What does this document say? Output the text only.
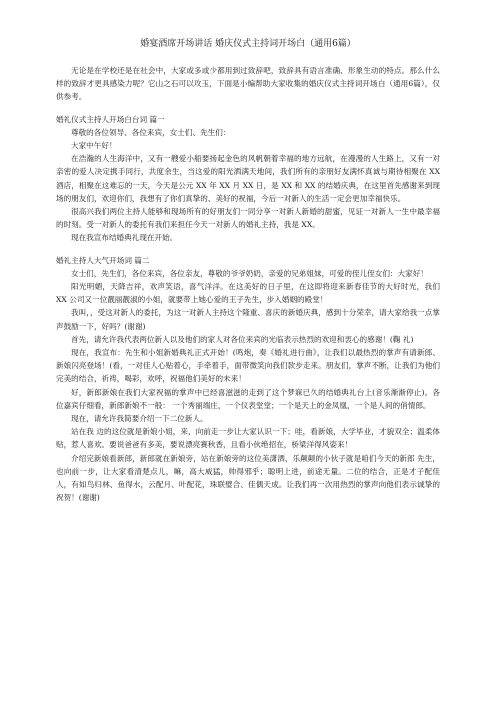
婚宴酒席开场讲话 婚庆仪式主持词开场白（通用6篇）

无论是在学校还是在社会中，大家或多或少都用到过致辞吧，致辞具有语言准确、形象生动的特点。那么什么样的致辞才更具感染力呢？它山之石可以攻玉，下面是小编帮助大家收集的婚庆仪式主持词开场白（通用6篇），仅供参考。

婚礼仪式主持人开场白台词 篇一

尊敬的各位领导、各位来宾，女士们、先生们：

大家中午好！

在浩瀚的人生海洋中，又有一艘爱小船要扬起金色的风帆朝着幸福的地方远航，在漫漫的人生路上，又有一对亲密的爱人决定携手同行，共度余生，当这爱的阳光洒满天地间，我们所有的亲朋好友满怀真诚与期待相聚在 XX 酒店，相聚在这难忘的一天，今天是公元 XX 年 XX 月 XX 日，是 XX 和 XX 的结婚庆典，在这里首先感谢来到现场的朋友们，欢迎你们，我想有了你们真挚的、美好的祝福，今后一对新人的生活一定会更加幸福快乐。

很高兴我们两位主持人能够和现场所有的好朋友们一同分享一对新人新婚的甜蜜，见证一对新人一生中最幸福的时刻。受一对新人的委托有我们来担任今天一对新人的婚礼主持，我是 XX。

现在我宣布结婚典礼现在开始。

婚礼主持人大气开场词 篇二

女士们，先生们，各位来宾，各位亲友，尊敬的爷爷奶奶，亲爱的兄弟姐妹，可爱的侄儿侄女们：大家好！

阳光明媚，天降吉祥，欢声笑语，喜气洋洋。在这美好的日子里，在这即将迎来新春佳节的大好时光，我们 XX 公司又一位靓丽靓淑的小姐，就要带上她心爱的王子先生，步入婚姻的殿堂！

我叫，，受这对新人的委托，为这一对新人主持这个隆重、喜庆的新婚庆典，感到十分荣幸，请大家给我一点掌声鼓励一下，好吗？(谢谢)

首先，请允许我代表两位新人以及他们的家人对各位来宾的光临表示热烈的欢迎和衷心的感谢！(鞠 礼)

现在，我宣布：先生和小姐新婚典礼正式开始！(鸣炮，奏《婚礼进行曲》，让我们以最热烈的掌声有请新郎、新娘闪亮登场！(看，一对佳人心贴着心，手牵着手，面带微笑向我们款步走来。朋友们，掌声不断，让我们为他们完美的结合，祈祷，喝彩，欢呼，祝福他们美好的未来！

好，新郎新娘在我们大家祝福的掌声中已经喜滋滋的走到了这个梦寐已久的结婚典礼台上(音乐渐渐停止)。各位嘉宾仔细看，新郎新娘不一般： 一个秀丽端庄，一个仪表堂堂；一个是天上的金凤凰，一个是人间的俏情郎。

现在，请允许我简要介绍一下二位新人。

站在我 边的这位就是新娘小姐，来，向前走一步让大家认识一下；哇，看新娘，大学毕业，才貌双全；温柔体贴，惹人喜欢。要说爸爸有多美，要说漂亮赛秋香，且看小伙绝招在，桥梁洋得风姿来！

介绍完新娘看新郎，新郎就在新娘旁，站在新娘旁的这位美潇洒、乐颠颠的小伙子就是咱们今天的新郎 先生，也向前一步，让大家看清楚点儿，嘛，高大威猛，帅得邪乎；聪明上进，前途无量。二位的结合，正是才子配佳人，有如鸟归林、鱼得水，云配月、叶配花，珠联璧合、佳偶天成。让我们再一次用热烈的掌声向他们表示诚挚的祝贺！(谢谢)
